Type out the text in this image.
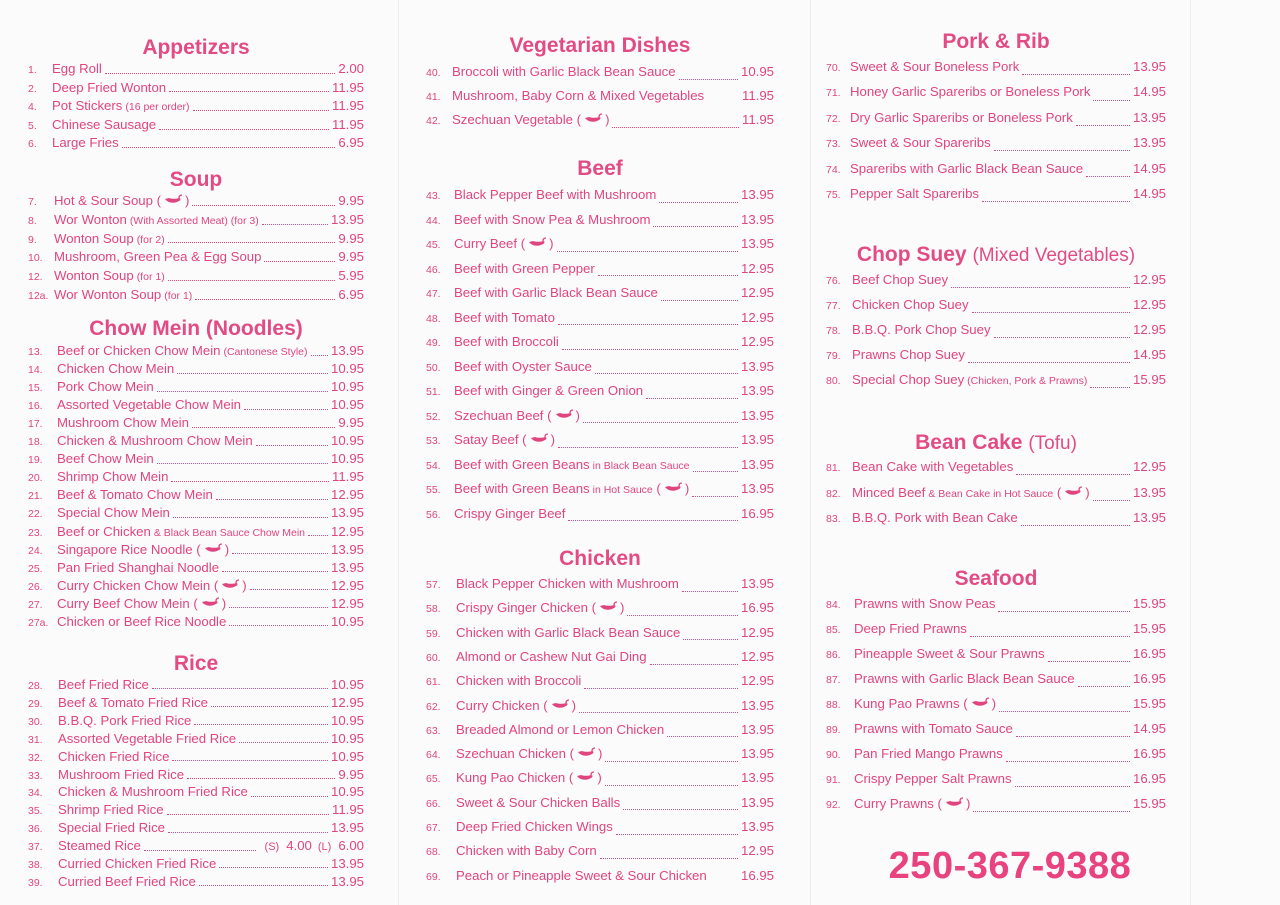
Appetizers
1.	Egg Roll	2.00
2.	Deep Fried Wonton	11.95
4.	Pot Stickers (16 per order)	11.95
5.	Chinese Sausage	11.95
6.	Large Fries	6.95
Soup
7.	Hot & Sour Soup ( )	9.95
8.	Wor Wonton (With Assorted Meat) (for 3)	13.95
9.	Wonton Soup (for 2)	9.95
10. Mushroom, Green Pea & Egg Soup	9.95
12. Wonton Soup (for 1)	5.95
12a. Wor Wonton Soup (for 1)	6.95
Chow Mein (Noodles)
13.	Beef or Chicken Chow Mein (Cantonese Style) 13.95
14.	Chicken Chow Mein	10.95
15.	Pork Chow Mein	10.95
16.	Assorted Vegetable Chow Mein	10.95
17.	Mushroom Chow Mein	9.95
18.	Chicken & Mushroom Chow Mein	10.95
19.	Beef Chow Mein	10.95
20.	Shrimp Chow Mein	11.95
21.	Beef & Tomato Chow Mein	12.95
22.	Special Chow Mein	13.95
23.	Beef or Chicken & Black Bean Sauce Chow Mein 12.95
24.	Singapore Rice Noodle ( )	13.95
25.	Pan Fried Shanghai Noodle	13.95
26.	Curry Chicken Chow Mein ( )	12.95
27.	Curry Beef Chow Mein ( )	12.95
27a. Chicken or Beef Rice Noodle	10.95
Rice
28.	Beef Fried Rice	10.95
29.	Beef & Tomato Fried Rice	12.95
30.	B.B.Q. Pork Fried Rice	10.95
31.	Assorted Vegetable Fried Rice	10.95
32.	Chicken Fried Rice	10.95
33.	Mushroom Fried Rice	9.95
34.	Chicken & Mushroom Fried Rice	10.95
35.	Shrimp Fried Rice	11.95
36.	Special Fried Rice	13.95
37.	Steamed Rice	(S) 4.00 (L) 6.00
38.	Curried Chicken Fried Rice	13.95
39.	Curried Beef Fried Rice	13.95
Vegetarian Dishes
40. Broccoli with Garlic Black Bean Sauce	10.95
41. Mushroom, Baby Corn & Mixed Vegetables	11.95
42. Szechuan Vegetable ( )	11.95
Beef
43.	Black Pepper Beef with Mushroom	13.95
44.	Beef with Snow Pea & Mushroom	13.95
45.	Curry Beef ( )	13.95
46.	Beef with Green Pepper	12.95
47.	Beef with Garlic Black Bean Sauce	12.95
48.	Beef with Tomato	12.95
49.	Beef with Broccoli	12.95
50.	Beef with Oyster Sauce	13.95
51.	Beef with Ginger & Green Onion	13.95
52.	Szechuan Beef ( )	13.95
53.	Satay Beef ( )	13.95
54.	Beef with Green Beans in Black Bean Sauce	13.95
55.	Beef with Green Beans in Hot Sauce ( )	13.95
56.	Crispy Ginger Beef	16.95
Chicken
57.	Black Pepper Chicken with Mushroom	13.95
58.	Crispy Ginger Chicken ( )	16.95
59.	Chicken with Garlic Black Bean Sauce	12.95
60.	Almond or Cashew Nut Gai Ding	12.95
61.	Chicken with Broccoli	12.95
62.	Curry Chicken ( )	13.95
63.	Breaded Almond or Lemon Chicken	13.95
64.	Szechuan Chicken ( )	13.95
65.	Kung Pao Chicken ( )	13.95
66.	Sweet & Sour Chicken Balls	13.95
67.	Deep Fried Chicken Wings	13.95
68.	Chicken with Baby Corn	12.95
69.	Peach or Pineapple Sweet & Sour Chicken	16.95
Pork & Rib
70. Sweet & Sour Boneless Pork	13.95
71. Honey Garlic Spareribs or Boneless Pork	14.95
72. Dry Garlic Spareribs or Boneless Pork	13.95
73. Sweet & Sour Spareribs	13.95
74. Spareribs with Garlic Black Bean Sauce	14.95
75. Pepper Salt Spareribs	14.95
Chop Suey (Mixed Vegetables)
76. Beef Chop Suey	12.95
77. Chicken Chop Suey	12.95
78. B.B.Q. Pork Chop Suey	12.95
79. Prawns Chop Suey	14.95
80. Special Chop Suey (Chicken, Pork & Prawns)	15.95
Bean Cake (Tofu)
81. Bean Cake with Vegetables	12.95
82. Minced Beef & Bean Cake in Hot Sauce ( )	13.95
83. B.B.Q. Pork with Bean Cake	13.95
Seafood
84.	Prawns with Snow Peas	15.95
85.	Deep Fried Prawns	15.95
86.	Pineapple Sweet & Sour Prawns	16.95
87.	Prawns with Garlic Black Bean Sauce	16.95
88.	Kung Pao Prawns ( )	15.95
89.	Prawns with Tomato Sauce	14.95
90.	Pan Fried Mango Prawns	16.95
91.	Crispy Pepper Salt Prawns	16.95
92.	Curry Prawns ( )	15.95
250-367-9388
